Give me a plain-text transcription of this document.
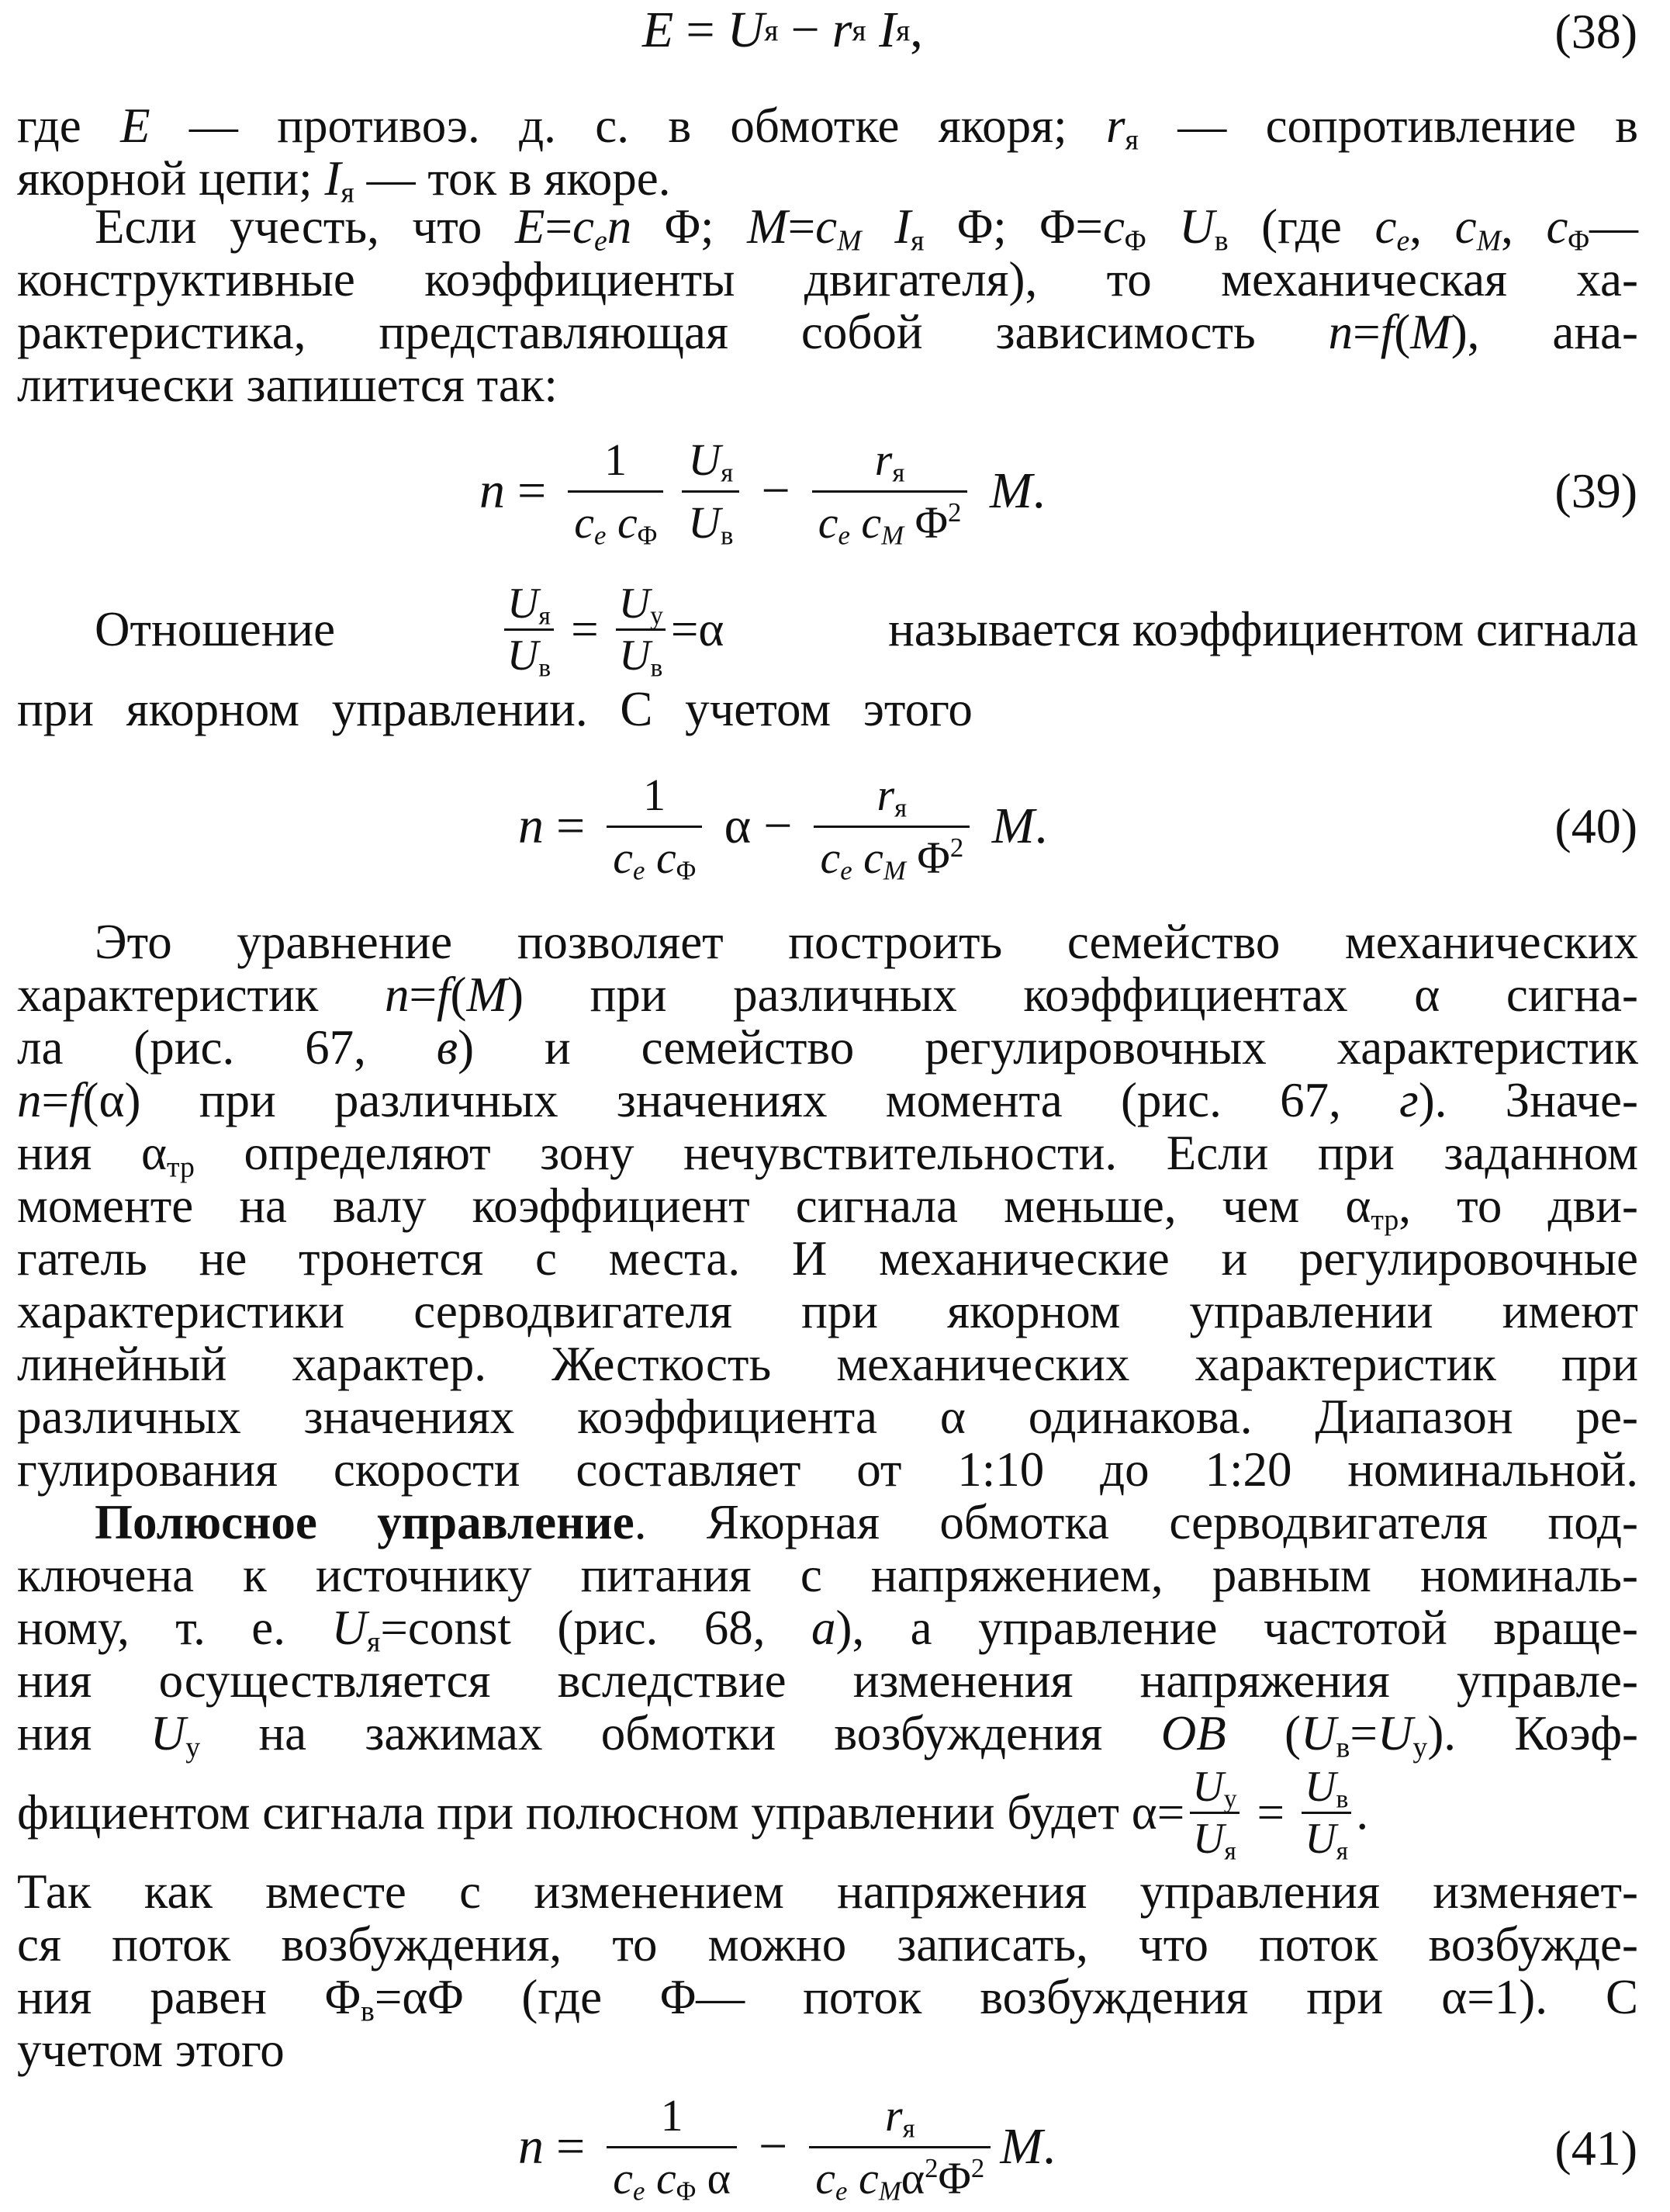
E = U я − r я
I я ,	(38)
где E — противоэ. д. с. в обмотке якоря; $r_я$ — сопротивление в
якорной цепи; $I_я$ — ток в якоре.
Если учесть, что $E=c_en$ Φ; $M=c_M$ $I_я$ Φ; $\Phi=c_\Phi$ $U_в$ (где $c_e$, $c_M$, $c_\Phi—$
конструктивные коэффициенты двигателя), то механическая ха-
рактеристика, представляющая собой зависимость n=f(M), ана-
литически запишется так:
$n = \frac{1}{c_e c_\Phi} \frac{U_я}{U_в} - \frac{r_я}{c_e c_M \Phi^2}$
M .	(39)
Отношение	$\frac{U_я}{U_в} = \frac{U_у}{U_в} =\alpha$	называется коэффициентом сигнала
при якорном управлении. С учетом этого
$n = \frac{1}{c_e c_\Phi}$ $\alpha - \frac{r_я}{c_e c_M \Phi^2}$
M .	(40)
Это уравнение позволяет построить семейство механических
характеристик n=f(M) при различных коэффициентах α сигна-
ла (рис. 67, в) и семейство регулировочных характеристик
n=f(α) при различных значениях момента (рис. 67, г). Значе-
ния $\alpha_{тр}$ определяют зону нечувствительности. Если при заданном
моменте на валу коэффициент сигнала меньше, чем $\alpha_{тр}$, то дви-
гатель не тронется с места. И механические и регулировочные
характеристики серводвигателя при якорном управлении имеют
линейный характер. Жесткость механических характеристик при
различных значениях коэффициента α одинакова. Диапазон ре-
гулирования скорости составляет от 1:10 до 1:20 номинальной.
Полюсное управление. Якорная обмотка серводвигателя под-
ключена к источнику питания с напряжением, равным номиналь-
ному, т. е. $U_я=const$ (рис. 68, а), а управление частотой враще-
ния осуществляется вследствие изменения напряжения управле-
ния $U_у$ на зажимах обмотки возбуждения ОВ $(U_в=U_у)$. Коэф-
фициентом сигнала при полюсном управлении будет $\alpha= \frac{U_у}{U_я} = \frac{U_в}{U_я}$ .
Так как вместе с изменением напряжения управления изменяет-
ся поток возбуждения, то можно записать, что поток возбужде-
ния равен $\Phi_в=\alpha\Phi$ (где Φ— поток возбуждения при α=1). С
учетом этого
$n = \frac{1}{c_e c_\Phi \alpha} - \frac{r_я}{c_e c_M\alpha^2\Phi^2}$ M .	(41)
